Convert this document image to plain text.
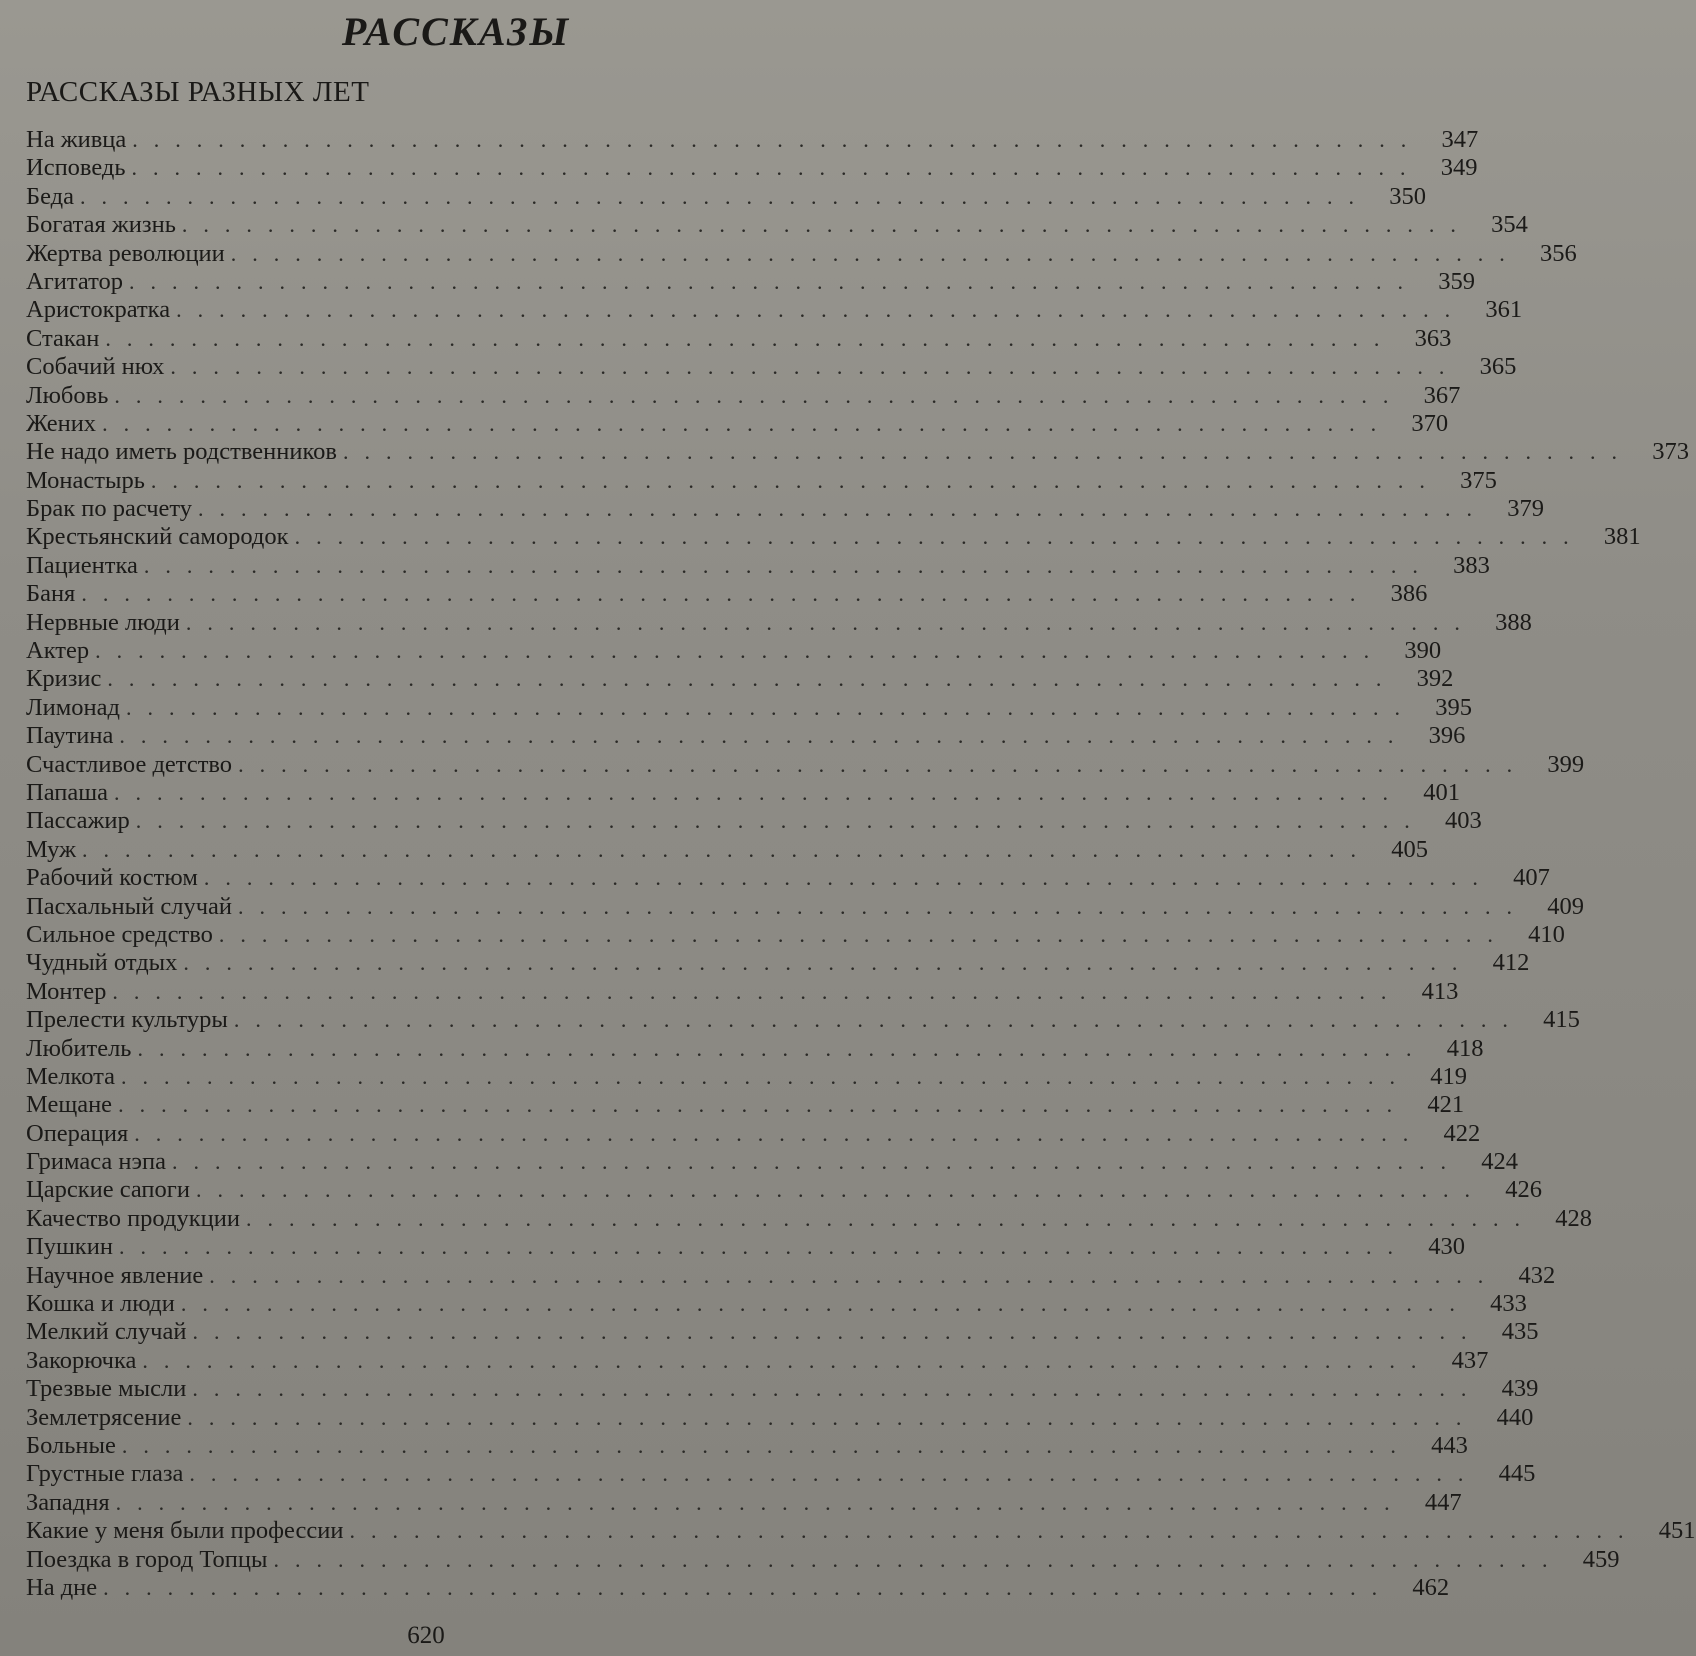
РАССКАЗЫ
РАССКАЗЫ РАЗНЫХ ЛЕТ
На живца ............................................................ 347
Исповедь ............................................................ 349
Беда ............................................................ 350
Богатая жизнь ............................................................ 354
Жертва революции ............................................................ 356
Агитатор ............................................................ 359
Аристократка ............................................................ 361
Стакан ............................................................ 363
Собачий нюх ............................................................ 365
Любовь ............................................................ 367
Жених ............................................................ 370
Не надо иметь родственников ............................................................ 373
Монастырь ............................................................ 375
Брак по расчету ............................................................ 379
Крестьянский самородок ............................................................ 381
Пациентка ............................................................ 383
Баня ............................................................ 386
Нервные люди ............................................................ 388
Актер ............................................................ 390
Кризис ............................................................ 392
Лимонад ............................................................ 395
Паутина ............................................................ 396
Счастливое детство ............................................................ 399
Папаша ............................................................ 401
Пассажир ............................................................ 403
Муж ............................................................ 405
Рабочий костюм ............................................................ 407
Пасхальный случай ............................................................ 409
Сильное средство ............................................................ 410
Чудный отдых ............................................................ 412
Монтер ............................................................ 413
Прелести культуры ............................................................ 415
Любитель ............................................................ 418
Мелкота ............................................................ 419
Мещане ............................................................ 421
Операция ............................................................ 422
Гримаса нэпа ............................................................ 424
Царские сапоги ............................................................ 426
Качество продукции ............................................................ 428
Пушкин ............................................................ 430
Научное явление ............................................................ 432
Кошка и люди ............................................................ 433
Мелкий случай ............................................................ 435
Закорючка ............................................................ 437
Трезвые мысли ............................................................ 439
Землетрясение ............................................................ 440
Больные ............................................................ 443
Грустные глаза ............................................................ 445
Западня ............................................................ 447
Какие у меня были профессии ............................................................ 451
Поездка в город Топцы ............................................................ 459
На дне ............................................................ 462
620
